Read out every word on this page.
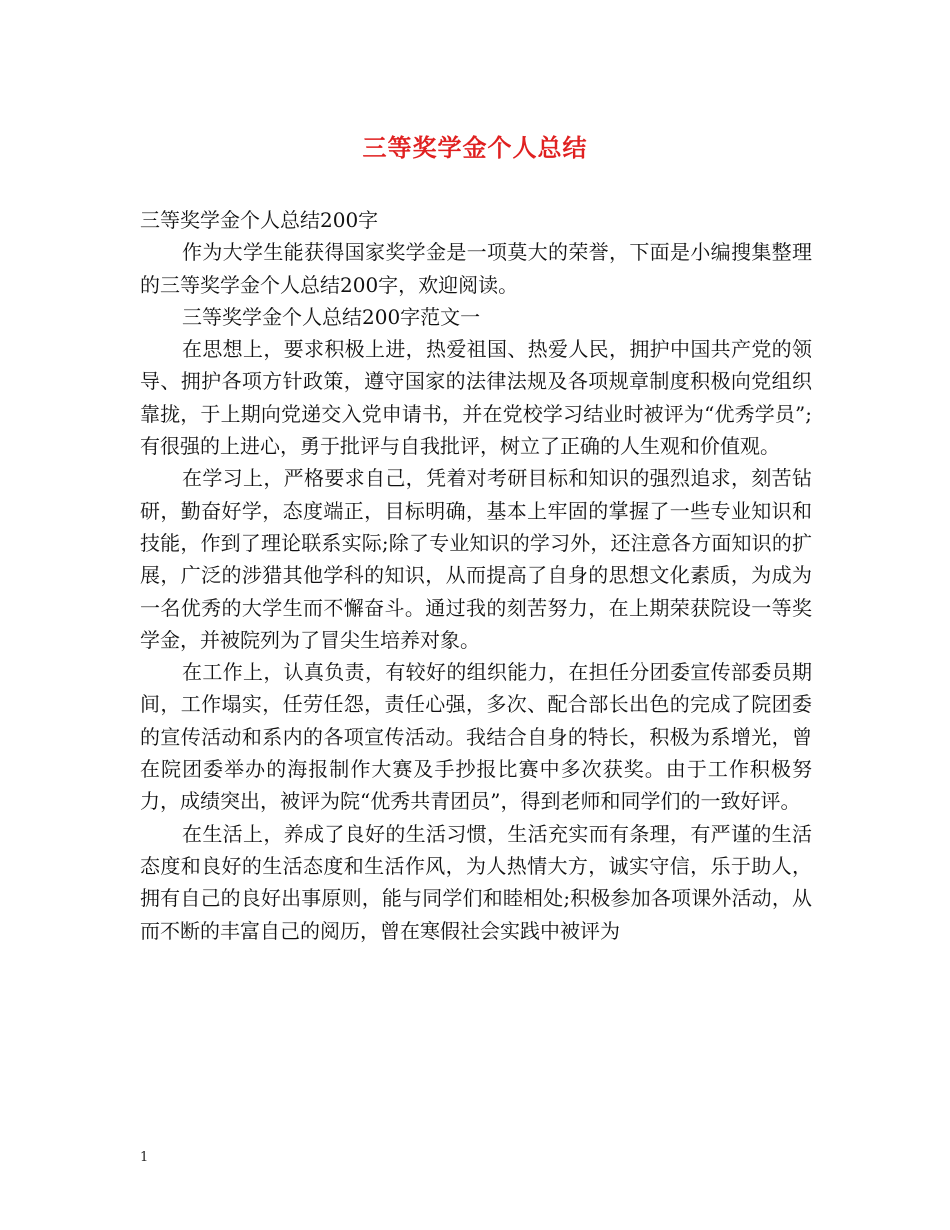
三等奖学金个人总结

三等奖学金个人总结200字

作为大学生能获得国家奖学金是一项莫大的荣誉，下面是小编搜集整理的三等奖学金个人总结200字，欢迎阅读。

三等奖学金个人总结200字范文一

在思想上，要求积极上进，热爱祖国、热爱人民，拥护中国共产党的领导、拥护各项方针政策，遵守国家的法律法规及各项规章制度积极向党组织靠拢，于上期向党递交入党申请书，并在党校学习结业时被评为“优秀学员”;有很强的上进心，勇于批评与自我批评，树立了正确的人生观和价值观。

在学习上，严格要求自己，凭着对考研目标和知识的强烈追求，刻苦钻研，勤奋好学，态度端正，目标明确，基本上牢固的掌握了一些专业知识和技能，作到了理论联系实际;除了专业知识的学习外，还注意各方面知识的扩展，广泛的涉猎其他学科的知识，从而提高了自身的思想文化素质，为成为一名优秀的大学生而不懈奋斗。通过我的刻苦努力，在上期荣获院设一等奖学金，并被院列为了冒尖生培养对象。

在工作上，认真负责，有较好的组织能力，在担任分团委宣传部委员期间，工作塌实，任劳任怨，责任心强，多次、配合部长出色的完成了院团委的宣传活动和系内的各项宣传活动。我结合自身的特长，积极为系增光，曾在院团委举办的海报制作大赛及手抄报比赛中多次获奖。由于工作积极努力，成绩突出，被评为院“优秀共青团员”，得到老师和同学们的一致好评。

在生活上，养成了良好的生活习惯，生活充实而有条理，有严谨的生活态度和良好的生活态度和生活作风，为人热情大方，诚实守信，乐于助人，拥有自己的良好出事原则，能与同学们和睦相处;积极参加各项课外活动，从而不断的丰富自己的阅历，曾在寒假社会实践中被评为

1
